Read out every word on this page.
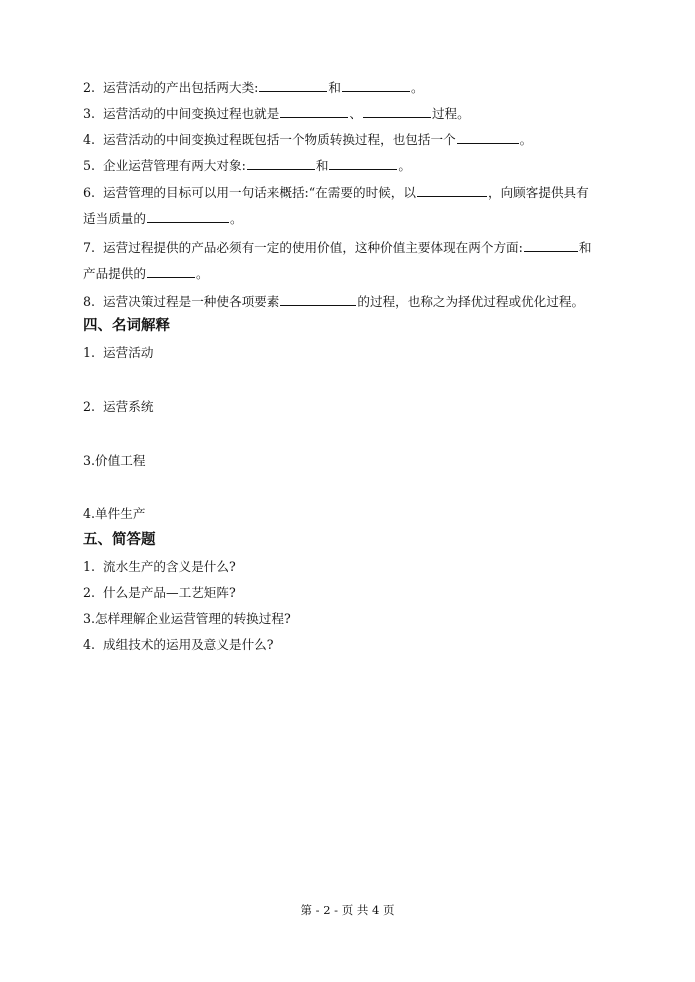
2. 运营活动的产出包括两大类:	和	。
3. 运营活动的中间变换过程也就是	、	过程。
4. 运营活动的中间变换过程既包括一个物质转换过程，也包括一个	。
5. 企业运营管理有两大对象:	和	。
6. 运营管理的目标可以用一句话来概括:“在需要的时候，以	，向顾客提供具有
适当质量的	。
7. 运营过程提供的产品必须有一定的使用价值，这种价值主要体现在两个方面:	和
产品提供的	。
8. 运营决策过程是一种使各项要素	的过程，也称之为择优过程或优化过程。
四、名词解释
1. 运营活动
2. 运营系统
3.价值工程
4.单件生产
五、简答题
1. 流水生产的含义是什么?
2. 什么是产品—工艺矩阵?
3.怎样理解企业运营管理的转换过程?
4. 成组技术的运用及意义是什么?
第 - 2 - 页 共 4 页
